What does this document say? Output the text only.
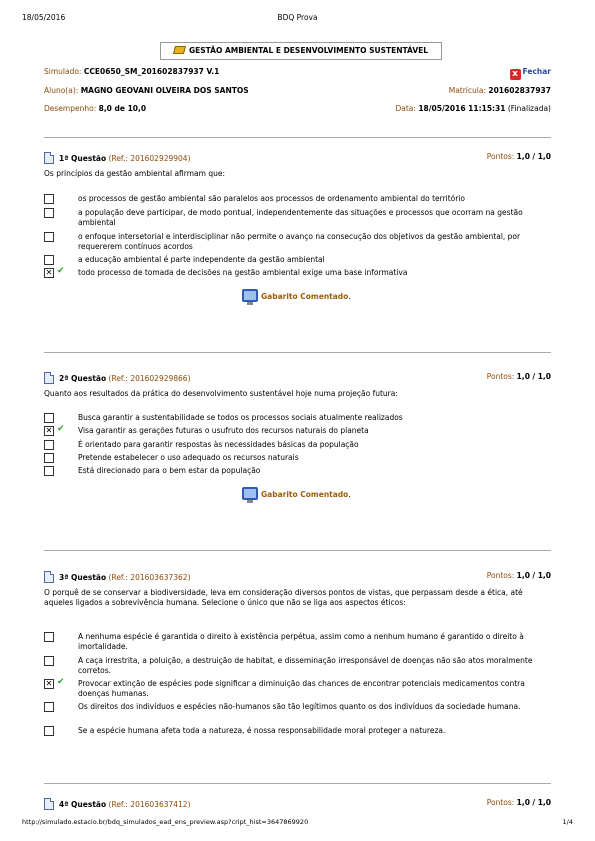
18/05/2016	BDQ Prova
GESTÃO AMBIENTAL E DESENVOLVIMENTO SUSTENTÁVEL
Simulado: CCE0650_SM_201602837937 V.1	x Fechar
Aluno(a): MAGNO GEOVANI OLVEIRA DOS SANTOS	Matrícula: 201602837937
Desempenho: 8,0 de 10,0	Data: 18/05/2016 11:15:31 (Finalizada)
1ª Questão (Ref.: 201602929904)	Pontos: 1,0 / 1,0
Os princípios da gestão ambiental afirmam que:
os processos de gestão ambiental são paralelos aos processos de ordenamento ambiental do território
a população deve participar, de modo pontual, independentemente das situações e processos que ocorram na gestão ambiental
o enfoque intersetorial e interdisciplinar não permite o avanço na consecução dos objetivos da gestão ambiental, por requererem contínuos acordos
a educação ambiental é parte independente da gestão ambiental
✕ ✔ todo processo de tomada de decisões na gestão ambiental exige uma base informativa
Gabarito Comentado.
2ª Questão (Ref.: 201602929866)	Pontos: 1,0 / 1,0
Quanto aos resultados da prática do desenvolvimento sustentável hoje numa projeção futura:
Busca garantir a sustentabilidade se todos os processos sociais atualmente realizados
✕ ✔ Visa garantir as gerações futuras o usufruto dos recursos naturais do planeta
É orientado para garantir respostas às necessidades básicas da população
Pretende estabelecer o uso adequado os recursos naturais
Está direcionado para o bem estar da população
Gabarito Comentado.
3ª Questão (Ref.: 201603637362)	Pontos: 1,0 / 1,0
O porquê de se conservar a biodiversidade, leva em consideração diversos pontos de vistas, que perpassam desde a ética, até aqueles ligados a sobrevivência humana. Selecione o único que não se liga aos aspectos éticos:
A nenhuma espécie é garantida o direito à existência perpétua, assim como a nenhum humano é garantido o direito à imortalidade.
A caça irrestrita, a poluição, a destruição de habitat, e disseminação irresponsável de doenças não são atos moralmente corretos.
✕ ✔ Provocar extinção de espécies pode significar a diminuição das chances de encontrar potenciais medicamentos contra doenças humanas.
Os direitos dos indivíduos e espécies não-humanos são tão legítimos quanto os dos indivíduos da sociedade humana.
Se a espécie humana afeta toda a natureza, é nossa responsabilidade moral proteger a natureza.
4ª Questão (Ref.: 201603637412)	Pontos: 1,0 / 1,0
http://simulado.estacio.br/bdq_simulados_ead_ens_preview.asp?cript_hist=3647869920	1/4
